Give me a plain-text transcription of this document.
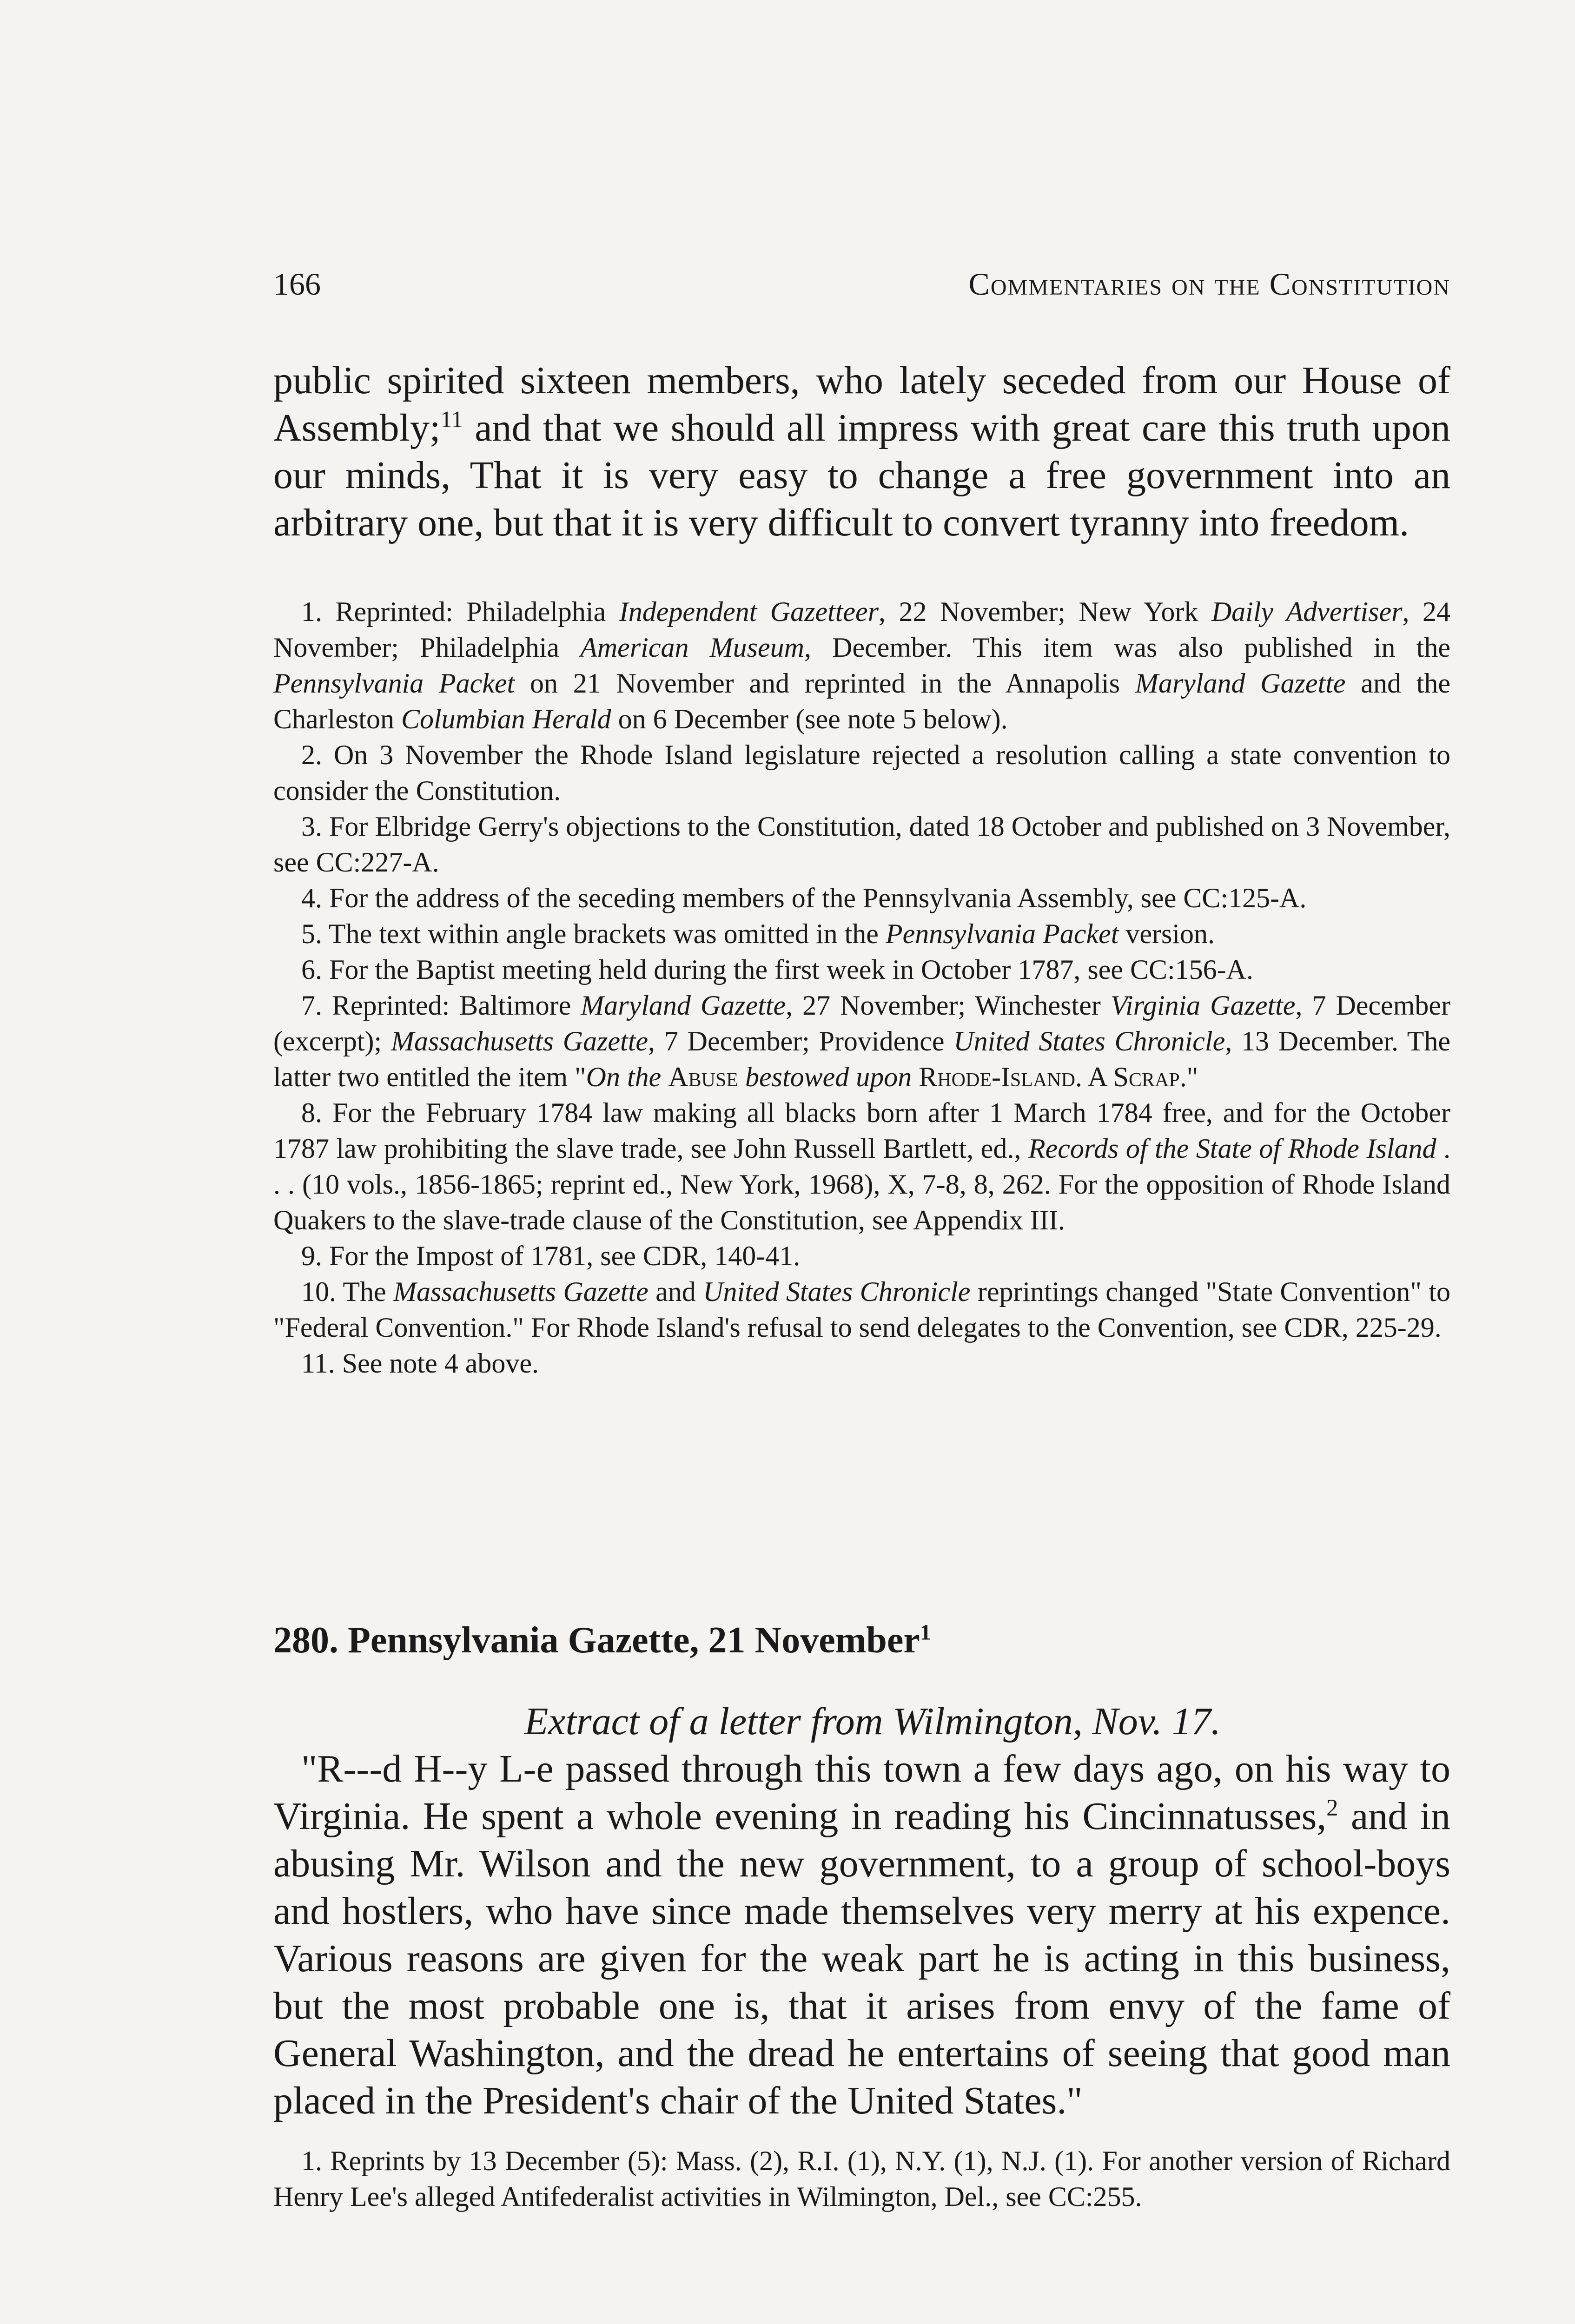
166	Commentaries on the Constitution

public spirited sixteen members, who lately seceded from our House of Assembly;$^{11}$ and that we should all impress with great care this truth upon our minds, That it is very easy to change a free government into an arbitrary one, but that it is very difficult to convert tyranny into freedom.

1. Reprinted: Philadelphia Independent Gazetteer, 22 November; New York Daily Advertiser, 24 November; Philadelphia American Museum, December. This item was also published in the Pennsylvania Packet on 21 November and reprinted in the Annapolis Maryland Gazette and the Charleston Columbian Herald on 6 December (see note 5 below).

2. On 3 November the Rhode Island legislature rejected a resolution calling a state convention to consider the Constitution.

3. For Elbridge Gerry's objections to the Constitution, dated 18 October and published on 3 November, see CC:227-A.

4. For the address of the seceding members of the Pennsylvania Assembly, see CC:125-A.

5. The text within angle brackets was omitted in the Pennsylvania Packet version.

6. For the Baptist meeting held during the first week in October 1787, see CC:156-A.

7. Reprinted: Baltimore Maryland Gazette, 27 November; Winchester Virginia Gazette, 7 December (excerpt); Massachusetts Gazette, 7 December; Providence United States Chronicle, 13 December. The latter two entitled the item "On the Abuse bestowed upon Rhode-Island. A Scrap."

8. For the February 1784 law making all blacks born after 1 March 1784 free, and for the October 1787 law prohibiting the slave trade, see John Russell Bartlett, ed., Records of the State of Rhode Island . . . (10 vols., 1856-1865; reprint ed., New York, 1968), X, 7-8, 8, 262. For the opposition of Rhode Island Quakers to the slave-trade clause of the Constitution, see Appendix III.

9. For the Impost of 1781, see CDR, 140-41.

10. The Massachusetts Gazette and United States Chronicle reprintings changed "State Convention" to "Federal Convention." For Rhode Island's refusal to send delegates to the Convention, see CDR, 225-29.

11. See note 4 above.

280. Pennsylvania Gazette, 21 November$^1$

Extract of a letter from Wilmington, Nov. 17.

"R---d H--y L-e passed through this town a few days ago, on his way to Virginia. He spent a whole evening in reading his Cincinnatusses,$^2$ and in abusing Mr. Wilson and the new government, to a group of school-boys and hostlers, who have since made themselves very merry at his expence. Various reasons are given for the weak part he is acting in this business, but the most probable one is, that it arises from envy of the fame of General Washington, and the dread he entertains of seeing that good man placed in the President's chair of the United States."

1. Reprints by 13 December (5): Mass. (2), R.I. (1), N.Y. (1), N.J. (1). For another version of Richard Henry Lee's alleged Antifederalist activities in Wilmington, Del., see CC:255.
